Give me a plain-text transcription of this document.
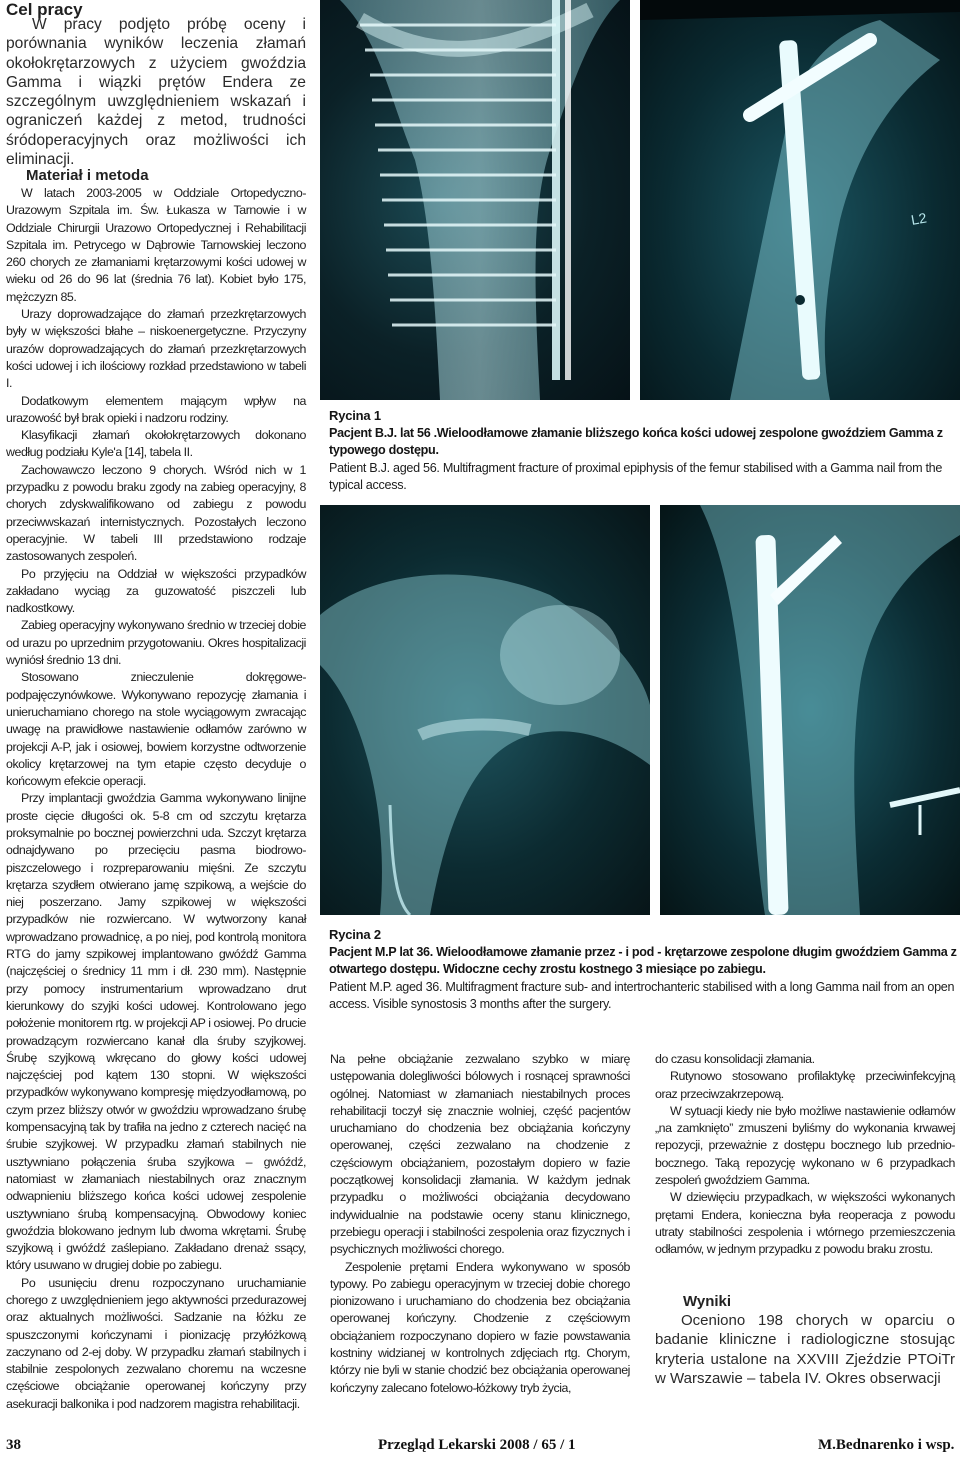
Cel pracy
W pracy podjęto próbę oceny i porównania wyników leczenia złamań okołokrętarzowych z użyciem gwoździa Gamma i wiązki prętów Endera ze szczególnym uwzględnieniem wskazań i ograniczeń każdej z metod, trudności śródoperacyjnych oraz możliwości ich eliminacji.
Materiał i metoda

W latach 2003-2005 w Oddziale Ortopedyczno-Urazowym Szpitala im. Św. Łukasza w Tarnowie i w Oddziale Chirurgii Urazowo Ortopedycznej i Rehabilitacji Szpitala im. Petrycego w Dąbrowie Tarnowskiej leczono 260 chorych ze złamaniami krętarzowymi kości udowej w wieku od 26 do 96 lat (średnia 76 lat). Kobiet było 175, mężczyzn 85.

Urazy doprowadzające do złamań przezkrętarzowych były w większości błahe – niskoenergetyczne. Przyczyny urazów doprowadzających do złamań przezkrętarzowych kości udowej i ich ilościowy rozkład przedstawiono w tabeli I.

Dodatkowym elementem mającym wpływ na urazowość był brak opieki i nadzoru rodziny.

Klasyfikacji złamań okołokrętarzowych dokonano według podziału Kyle'a [14], tabela II.

Zachowawczo leczono 9 chorych. Wśród nich w 1 przypadku z powodu braku zgody na zabieg operacyjny, 8 chorych zdyskwalifikowano od zabiegu z powodu przeciwwskazań internistycznych. Pozostałych leczono operacyjnie. W tabeli III przedstawiono rodzaje zastosowanych zespoleń.

Po przyjęciu na Oddział w większości przypadków zakładano wyciąg za guzowatość piszczeli lub nadkostkowy.

Zabieg operacyjny wykonywano średnio w trzeciej dobie od urazu po uprzednim przygotowaniu. Okres hospitalizacji wyniósł średnio 13 dni.

Stosowano znieczulenie dokręgowe-podpajęczynówkowe. Wykonywano repozycję złamania i unieruchamiano chorego na stole wyciągowym zwracając uwagę na prawidłowe nastawienie odłamów zarówno w projekcji A-P, jak i osiowej, bowiem korzystne odtworzenie okolicy krętarzowej na tym etapie często decyduje o końcowym efekcie operacji.

Przy implantacji gwoździa Gamma wykonywano linijne proste cięcie długości ok. 5-8 cm od szczytu krętarza proksymalnie po bocznej powierzchni uda. Szczyt krętarza odnajdywano po przecięciu pasma biodrowo-piszczelowego i rozpreparowaniu mięśni. Ze szczytu krętarza szydłem otwierano jamę szpikową, a wejście do niej poszerzano. Jamy szpikowej w większości przypadków nie rozwiercano. W wytworzony kanał wprowadzano prowadnicę, a po niej, pod kontrolą monitora RTG do jamy szpikowej implantowano gwóźdź Gamma (najczęściej o średnicy 11 mm i dł. 230 mm). Następnie przy pomocy instrumentarium wprowadzano drut kierunkowy do szyjki kości udowej. Kontrolowano jego położenie monitorem rtg. w projekcji AP i osiowej. Po drucie prowadzącym rozwiercano kanał dla śruby szyjkowej. Śrubę szyjkową wkręcano do głowy kości udowej najczęściej pod kątem 130 stopni. W większości przypadków wykonywano kompresję międzyodłamową, po czym przez bliższy otwór w gwoździu wprowadzano śrubę kompensacyjną tak by trafiła na jedno z czterech nacięć na śrubie szyjkowej. W przypadku złamań stabilnych nie usztywniano połączenia śruba szyjkowa – gwóźdź, natomiast w złamaniach niestabilnych oraz znacznym odwapnieniu bliższego końca kości udowej zespolenie usztywniano śrubą kompensacyjną. Obwodowy koniec gwoździa blokowano jednym lub dwoma wkrętami. Śrubę szyjkową i gwóźdź zaślepiano. Zakładano drenaż ssący, który usuwano w drugiej dobie po zabiegu.

Po usunięciu drenu rozpoczynano uruchamianie chorego z uwzględnieniem jego aktywności przedurazowej oraz aktualnych możliwości. Sadzanie na łóżku ze spuszczonymi kończynami i pionizację przyłóżkową zaczynano od 2-ej doby. W przypadku złamań stabilnych i stabilnie zespolonych zezwalano choremu na wczesne częściowe obciążanie operowanej kończyny przy asekuracji balkonika i pod nadzorem magistra rehabilitacji.

L2
Rycina 1
Pacjent B.J. lat 56 .Wieloodłamowe złamanie bliższego końca kości udowej zespolone gwoździem Gamma z typowego dostępu.
Patient B.J. aged 56. Multifragment fracture of proximal epiphysis of the femur stabilised with a Gamma nail from the typical access.
Rycina 2
Pacjent M.P lat 36. Wieloodłamowe złamanie przez - i pod - krętarzowe zespolone długim gwoździem Gamma z otwartego dostępu. Widoczne cechy zrostu kostnego 3 miesiące po zabiegu.
Patient M.P. aged 36. Multifragment fracture sub- and intertrochanteric stabilised with a long Gamma nail from an open access. Visible synostosis 3 months after the surgery.

Na pełne obciążanie zezwalano szybko w miarę ustępowania dolegliwości bólowych i rosnącej sprawności ogólnej. Natomiast w złamaniach niestabilnych proces rehabilitacji toczył się znacznie wolniej, część pacjentów uruchamiano do chodzenia bez obciążania kończyny operowanej, części zezwalano na chodzenie z częściowym obciążaniem, pozostałym dopiero w fazie początkowej konsolidacji złamania. W każdym jednak przypadku o możliwości obciążania decydowano indywidualnie na podstawie oceny stanu klinicznego, przebiegu operacji i stabilności zespolenia oraz fizycznych i psychicznych możliwości chorego.

Zespolenie prętami Endera wykonywano w sposób typowy. Po zabiegu operacyjnym w trzeciej dobie chorego pionizowano i uruchamiano do chodzenia bez obciążania operowanej kończyny. Chodzenie z częściowym obciążaniem rozpoczynano dopiero w fazie powstawania kostniny widzianej w kontrolnych zdjęciach rtg. Chorym, którzy nie byli w stanie chodzić bez obciążania operowanej kończyny zalecano fotelowo-łóżkowy tryb życia,

do czasu konsolidacji złamania.

Rutynowo stosowano profilaktykę przeciwinfekcyjną oraz przeciwzakrzepową.

W sytuacji kiedy nie było możliwe nastawienie odłamów „na zamknięto” zmuszeni byliśmy do wykonania krwawej repozycji, przeważnie z dostępu bocznego lub przednio-bocznego. Taką repozycję wykonano w 6 przypadkach zespoleń gwoździem Gamma.

W dziewięciu przypadkach, w większości wykonanych prętami Endera, konieczna była reoperacja z powodu utraty stabilności zespolenia i wtórnego przemieszczenia odłamów, w jednym przypadku z powodu braku zrostu.

Wyniki
Oceniono 198 chorych w oparciu o badanie kliniczne i radiologiczne stosując kryteria ustalone na XXVIII Zjeździe PTOiTr w Warszawie – tabela IV. Okres obserwacji
38	Przegląd Lekarski 2008 / 65 / 1	M.Bednarenko i wsp.
